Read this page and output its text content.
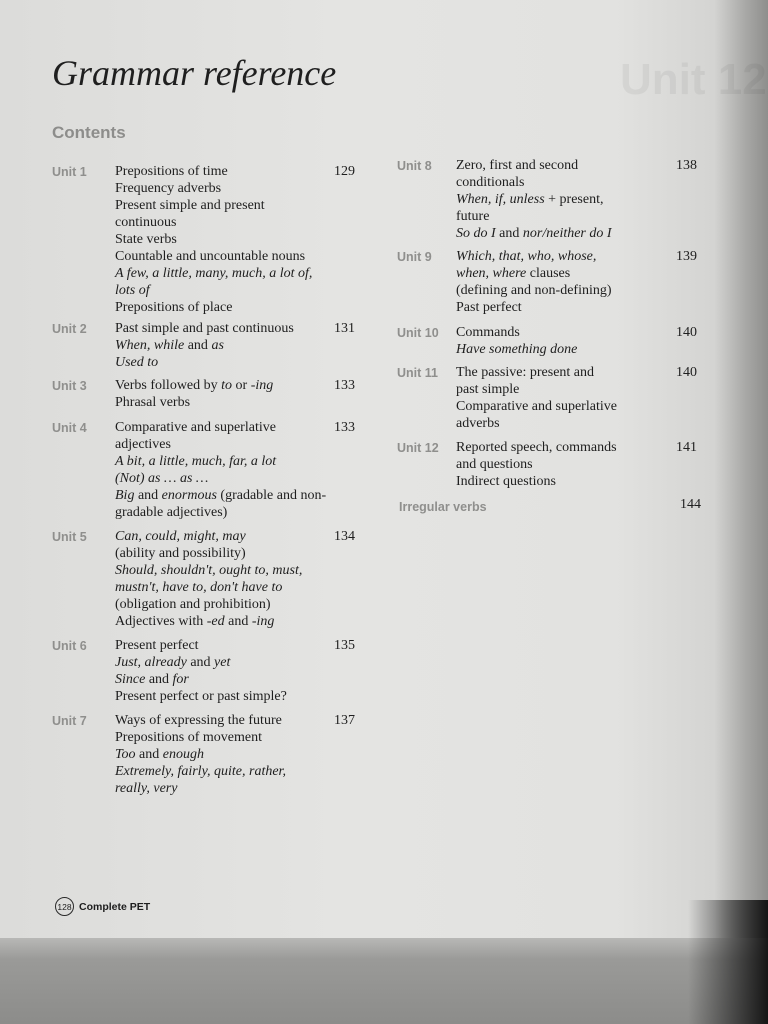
Unit 12
Grammar reference
Contents
Unit 1 Prepositions of time
Frequency adverbs
Present simple and present
continuous
State verbs
Countable and uncountable nouns
A few, a little, many, much, a lot of,
lots of
Prepositions of place
129
Unit 2 Past simple and past continuous
When, while and as
Used to
131
Unit 3 Verbs followed by to or -ing
Phrasal verbs
133
Unit 4 Comparative and superlative
adjectives
A bit, a little, much, far, a lot
(Not) as … as …
Big and enormous (gradable and non-
gradable adjectives)
133
Unit 5 Can, could, might, may
(ability and possibility)
Should, shouldn't, ought to, must,
mustn't, have to, don't have to
(obligation and prohibition)
Adjectives with -ed and -ing
134
Unit 6 Present perfect
Just, already and yet
Since and for
Present perfect or past simple?
135
Unit 7 Ways of expressing the future
Prepositions of movement
Too and enough
Extremely, fairly, quite, rather,
really, very
137
Unit 8 Zero, first and second
conditionals
When, if, unless + present,
future
So do I and nor/neither do I
138
Unit 9 Which, that, who, whose,
when, where clauses
(defining and non-defining)
Past perfect
139
Unit 10 Commands
Have something done
140
Unit 11 The passive: present and
past simple
Comparative and superlative
adverbs
140
Unit 12 Reported speech, commands
and questions
Indirect questions
141
Irregular verbs	144
128 Complete PET
